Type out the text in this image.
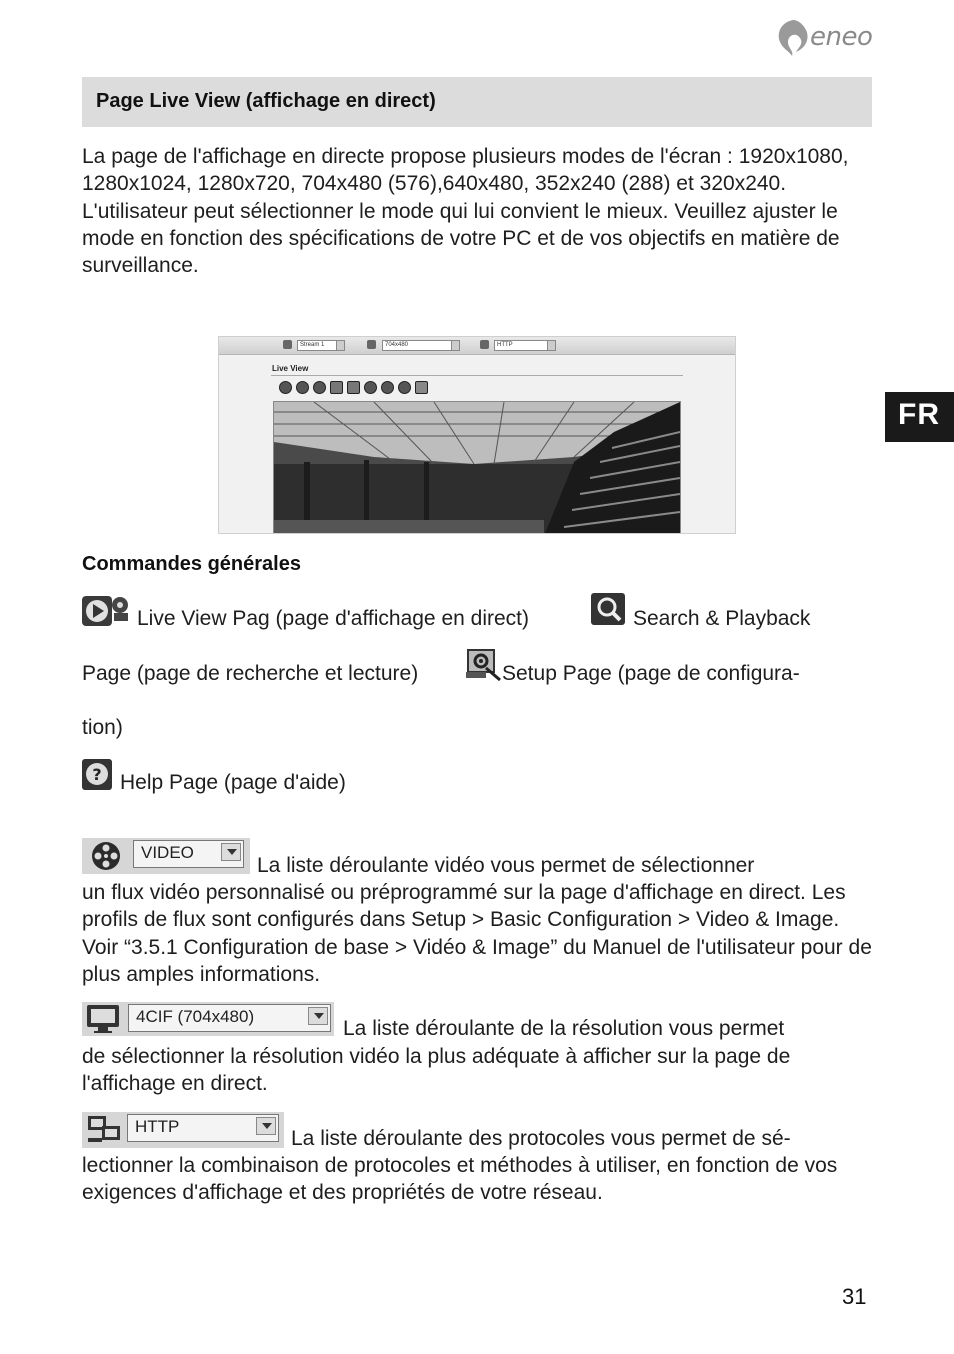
eneo
Page Live View (affichage en direct)
La page de l'affichage en directe propose plusieurs modes de l'écran : 1920x1080, 1280x1024, 1280x720, 704x480 (576),640x480, 352x240 (288) et 320x240. L'utilisateur peut sélectionner le mode qui lui convient le mieux. Veuillez ajuster le mode en fonction des spécifications de votre PC et de vos objectifs en matière de surveillance.
FR
Stream 1	704x480	HTTP
Live View
Commandes générales
Live View Pag (page d'affichage en direct)	Search & Playback
Page (page de recherche et lecture)	Setup Page (page de configura-
tion)
? Help Page (page d'aide)
VIDEO
La liste déroulante vidéo vous permet de sélectionner
un flux vidéo personnalisé ou préprogrammé sur la page d'affichage en direct. Les profils de flux sont configurés dans Setup > Basic Configuration > Video & Image. Voir “3.5.1 Configuration de base > Vidéo & Image” du Manuel de l'utilisateur pour de plus amples informations.
4CIF (704x480)
La liste déroulante de la résolution vous permet
de sélectionner la résolution vidéo la plus adéquate à afficher sur la page de l'affichage en direct.
HTTP
La liste déroulante des protocoles vous permet de sé-
lectionner la combinaison de protocoles et méthodes à utiliser, en fonction de vos exigences d'affichage et des propriétés de votre réseau.
31
